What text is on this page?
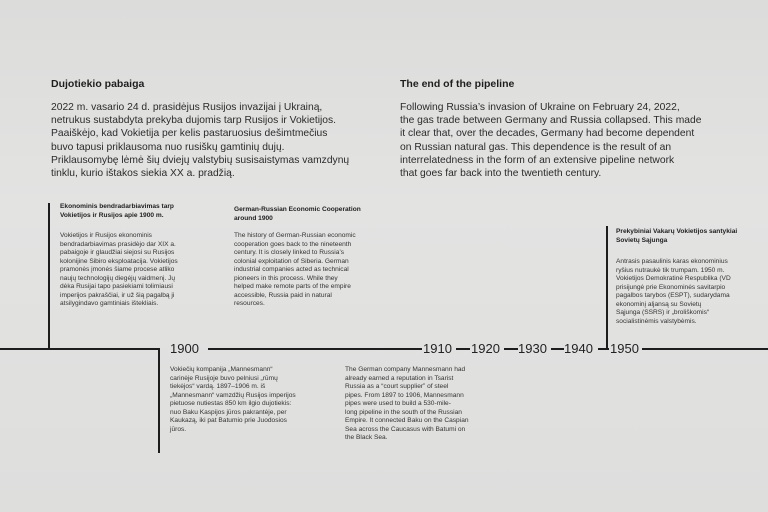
Dujotiekio pabaiga
2022 m. vasario 24 d. prasidėjus Rusijos invazijai į Ukrainą,
netrukus sustabdyta prekyba dujomis tarp Rusijos ir Vokietijos.
Paaiškėjo, kad Vokietija per kelis pastaruosius dešimtmečius
buvo tapusi priklausoma nuo rusiškų gamtinių dujų.
Priklausomybę lėmė šių dviejų valstybių susisaistymas vamzdynų
tinklu, kurio ištakos siekia XX a. pradžią.
The end of the pipeline
Following Russia’s invasion of Ukraine on February 24, 2022,
the gas trade between Germany and Russia collapsed. This made
it clear that, over the decades, Germany had become dependent
on Russian natural gas. This dependence is the result of an
interrelatedness in the form of an extensive pipeline network
that goes far back into the twentieth century.
Ekonominis bendradarbiavimas tarp
Vokietijos ir Rusijos apie 1900 m.
Vokietijos ir Rusijos ekonominis
bendradarbiavimas prasidėjo dar XIX a.
pabaigoje ir glaudžiai siejosi su Rusijos
kolonijine Sibiro eksploatacija. Vokietijos
pramonės įmonės šiame procese atliko
naujų technologijų diegėjų vaidmenį. Jų
dėka Rusijai tapo pasiekiami tolimiausi
imperijos pakraščiai, ir už šią pagalbą ji
atsilygindavo gamtiniais ištekliais.
German-Russian Economic Cooperation
around 1900
The history of German-Russian economic
cooperation goes back to the nineteenth
century. It is closely linked to Russia’s
colonial exploitation of Siberia. German
industrial companies acted as technical
pioneers in this process. While they
helped make remote parts of the empire
accessible, Russia paid in natural
resources.
1900	1910 1920 1930 1940 1950
Vokiečių kompanija „Mannesmann“
carinėje Rusijoje buvo pelniusi „rūmų
tiekėjos“ vardą. 1897–1906 m. iš
„Mannesmann“ vamzdžių Rusijos imperijos
pietuose nutiestas 850 km ilgio dujotiekis:
nuo Baku Kaspijos jūros pakrantėje, per
Kaukazą, iki pat Batumio prie Juodosios
jūros.
The German company Mannesmann had
already earned a reputation in Tsarist
Russia as a “court supplier” of steel
pipes. From 1897 to 1906, Mannesmann
pipes were used to build a 530-mile-
long pipeline in the south of the Russian
Empire. It connected Baku on the Caspian
Sea across the Caucasus with Batumi on
the Black Sea.
Prekybiniai Vakarų Vokietijos santykiai
Sovietų Sąjunga
Antrasis pasaulinis karas ekonominius
ryšius nutraukė tik trumpam. 1950 m.
Vokietijos Demokratinė Respublika (VD
prisijungė prie Ekonominės savitarpio
pagalbos tarybos (ESPT), sudarydama
ekonominį aljansą su Sovietų
Sąjunga (SSRS) ir „broliškomis“
socialistinėmis valstybėmis.
